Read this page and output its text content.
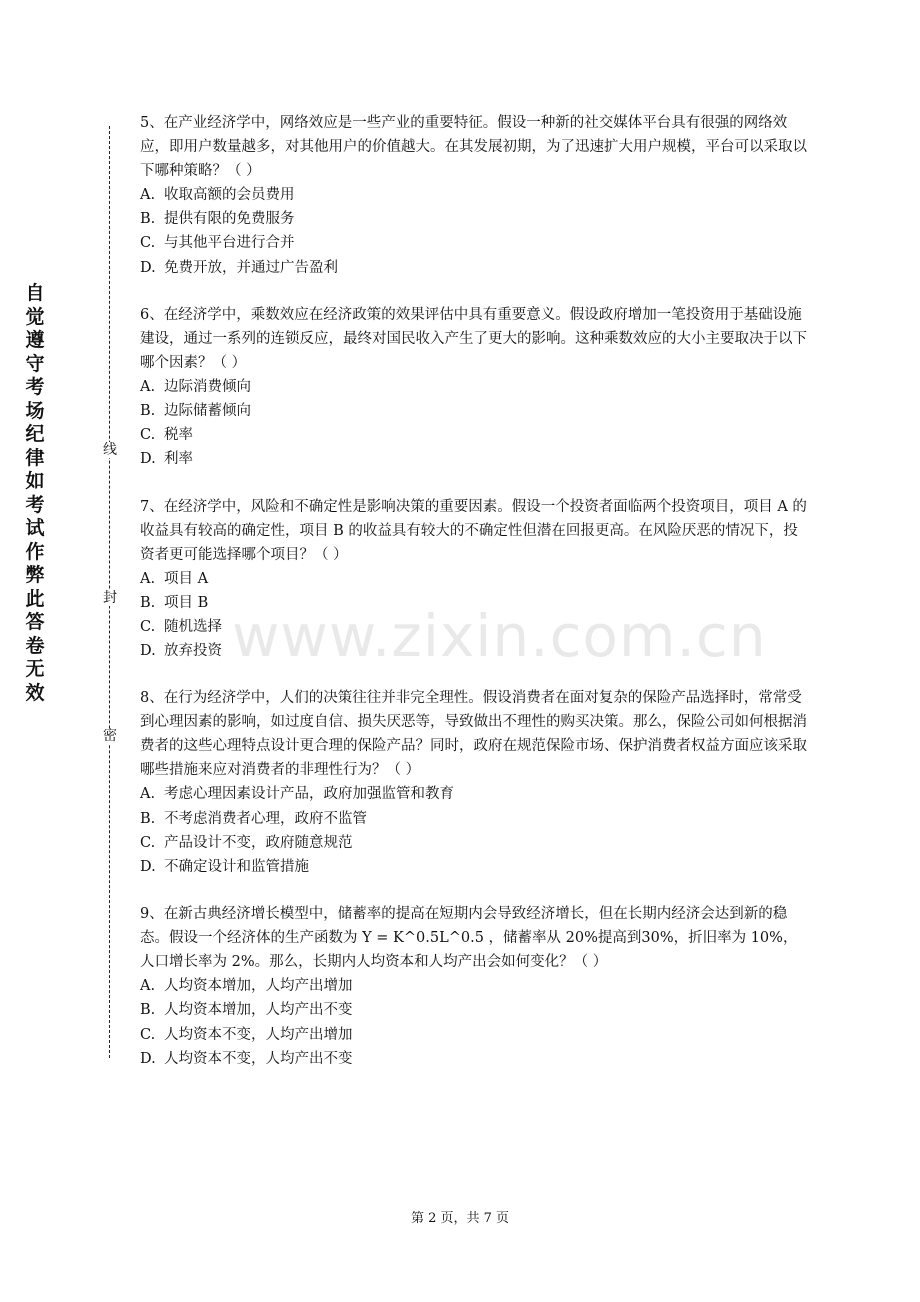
自觉遵守考场纪律如考试作弊此答卷无效
线
封
密

5、在产业经济学中，网络效应是一些产业的重要特征。假设一种新的社交媒体平台具有很强的网络效应，即用户数量越多，对其他用户的价值越大。在其发展初期，为了迅速扩大用户规模，平台可以采取以下哪种策略？（ ）

A. 收取高额的会员费用
B. 提供有限的免费服务
C. 与其他平台进行合并
D. 免费开放，并通过广告盈利

6、在经济学中，乘数效应在经济政策的效果评估中具有重要意义。假设政府增加一笔投资用于基础设施建设，通过一系列的连锁反应，最终对国民收入产生了更大的影响。这种乘数效应的大小主要取决于以下哪个因素？（ ）

A. 边际消费倾向
B. 边际储蓄倾向
C. 税率
D. 利率

7、在经济学中，风险和不确定性是影响决策的重要因素。假设一个投资者面临两个投资项目，项目 A 的收益具有较高的确定性，项目 B 的收益具有较大的不确定性但潜在回报更高。在风险厌恶的情况下，投资者更可能选择哪个项目？（ ）

A. 项目 A
B. 项目 B
C. 随机选择
D. 放弃投资

8、在行为经济学中，人们的决策往往并非完全理性。假设消费者在面对复杂的保险产品选择时，常常受到心理因素的影响，如过度自信、损失厌恶等，导致做出不理性的购买决策。那么，保险公司如何根据消费者的这些心理特点设计更合理的保险产品？同时，政府在规范保险市场、保护消费者权益方面应该采取哪些措施来应对消费者的非理性行为？（ ）

A. 考虑心理因素设计产品，政府加强监管和教育
B. 不考虑消费者心理，政府不监管
C. 产品设计不变，政府随意规范
D. 不确定设计和监管措施

9、在新古典经济增长模型中，储蓄率的提高在短期内会导致经济增长，但在长期内经济会达到新的稳态。假设一个经济体的生产函数为 Y = K^0.5L^0.5 ，储蓄率从 20%提高到30%，折旧率为 10%，人口增长率为 2%。那么，长期内人均资本和人均产出会如何变化？（ ）

A. 人均资本增加，人均产出增加
B. 人均资本增加，人均产出不变
C. 人均资本不变，人均产出增加
D. 人均资本不变，人均产出不变
www.zixin.com.cn
第 2 页，共 7 页
